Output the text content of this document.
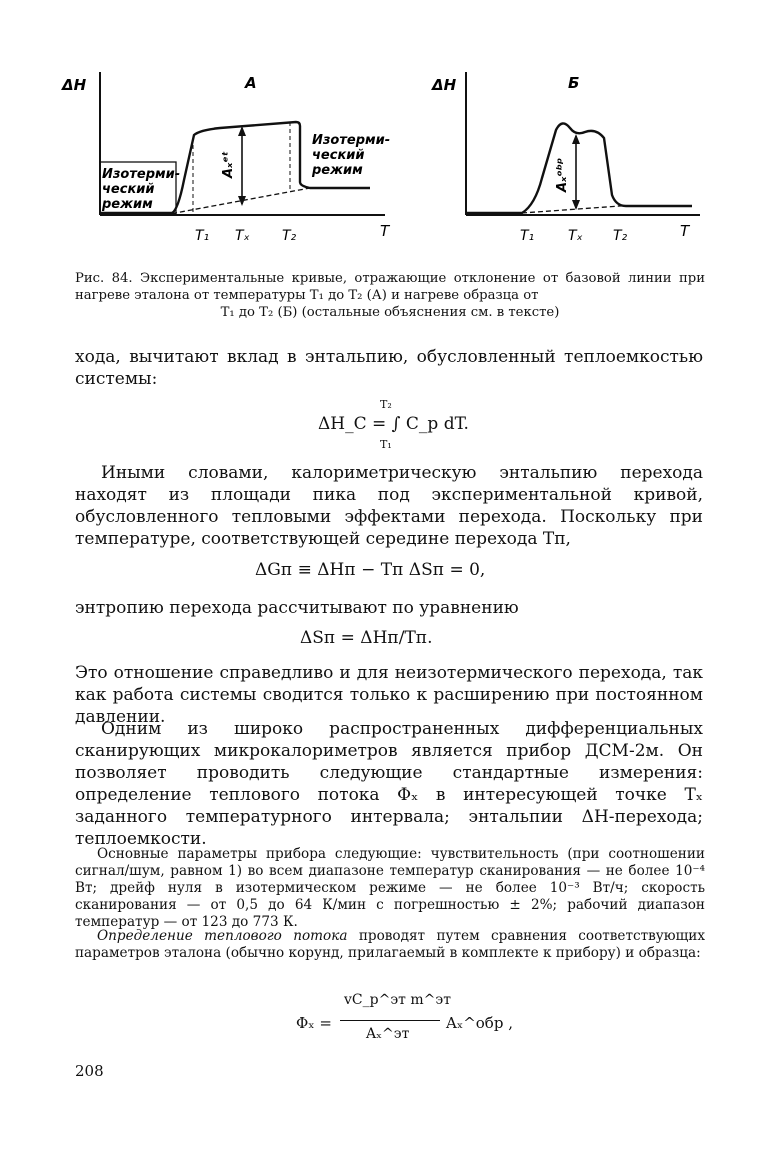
ΔH	А
Aₓᵉᵗ
Изотерми-
ческий
режим
Изотерми-
ческий
режим
T₁ Tₓ T₂	T
ΔH	Б
Aₓᵒᵇᵖ
T₁ Tₓ T₂	T
Рис. 84. Экспериментальные кривые, отражающие отклонение от базовой линии при нагреве эталона от температуры T₁ до T₂ (А) и нагреве образца от
T₁ до T₂ (Б) (остальные объяснения см. в тексте)
хода, вычитают вклад в энтальпию, обусловленный теплоемкостью системы:
T₂
ΔH_C = ∫ C_p dT.
T₁
Иными словами, калориметрическую энтальпию перехода находят из площади пика под экспериментальной кривой, обусловленного тепловыми эффектами перехода. Поскольку при температуре, соответствующей середине перехода Tп,
ΔGп ≡ ΔHп − Tп ΔSп = 0,
энтропию перехода рассчитывают по уравнению
ΔSп = ΔHп/Tп.
Это отношение справедливо и для неизотермического перехода, так как работа системы сводится только к расширению при постоянном давлении.
Одним из широко распространенных дифференциальных сканирующих микрокалориметров является прибор ДСМ-2м. Он позволяет проводить следующие стандартные измерения: определение теплового потока Φₓ в интересующей точке Tₓ заданного температурного интервала; энтальпии ΔH-перехода; теплоемкости.
Основные параметры прибора следующие: чувствительность (при соотношении сигнал/шум, равном 1) во всем диапазоне температур сканирования — не более 10⁻⁴ Вт; дрейф нуля в изотермическом режиме — не более 10⁻³ Вт/ч; скорость сканирования — от 0,5 до 64 К/мин с погрешностью ± 2%; рабочий диапазон температур — от 123 до 773 К.
Определение теплового потока проводят путем сравнения соответствующих параметров эталона (обычно корунд, прилагаемый в комплекте к прибору) и образца:
Φₓ =
vC_p^эт m^эт
Aₓ^эт
Aₓ^обр ,
208
